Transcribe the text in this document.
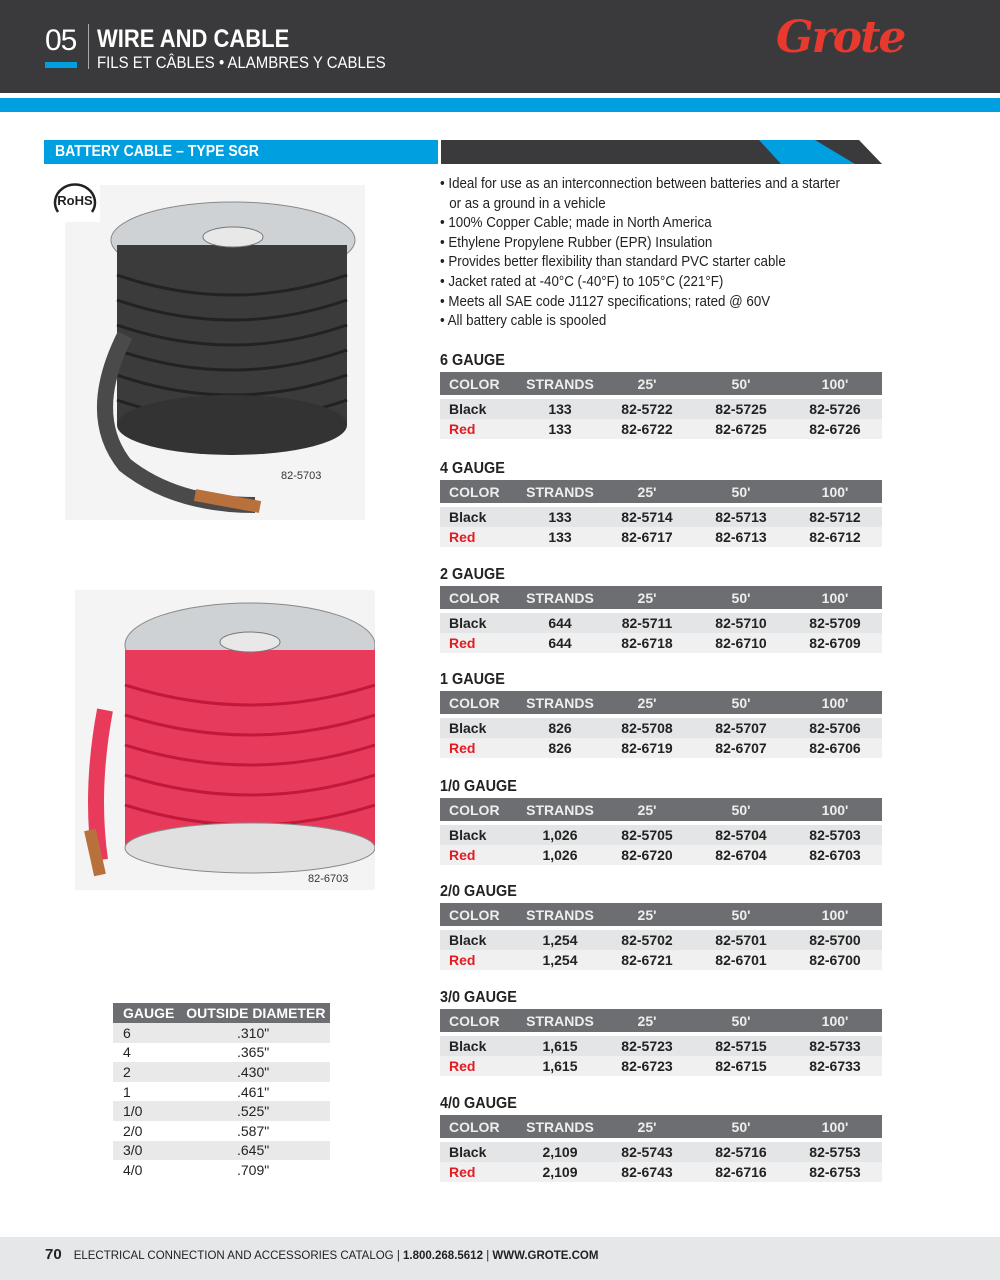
05 WIRE AND CABLE
FILS ET CÂBLES • ALAMBRES Y CABLES	Grote
BATTERY CABLE – TYPE SGR
82-5703
RoHS
82-6703
• Ideal for use as an interconnection between batteries and a starter
or as a ground in a vehicle
• 100% Copper Cable; made in North America
• Ethylene Propylene Rubber (EPR) Insulation
• Provides better flexibility than standard PVC starter cable
• Jacket rated at -40°C (-40°F) to 105°C (221°F)
• Meets all SAE code J1127 specifications; rated @ 60V
• All battery cable is spooled
6 GAUGE
COLOR	STRANDS	25'	50'	100'

Black	133	82-5722	82-5725	82-5726
Red	133	82-6722	82-6725	82-6726
4 GAUGE
COLOR	STRANDS	25'	50'	100'

Black	133	82-5714	82-5713	82-5712
Red	133	82-6717	82-6713	82-6712
2 GAUGE
COLOR	STRANDS	25'	50'	100'

Black	644	82-5711	82-5710	82-5709
Red	644	82-6718	82-6710	82-6709
1 GAUGE
COLOR	STRANDS	25'	50'	100'

Black	826	82-5708	82-5707	82-5706
Red	826	82-6719	82-6707	82-6706
1/0 GAUGE
COLOR	STRANDS	25'	50'	100'

Black	1,026	82-5705	82-5704	82-5703
Red	1,026	82-6720	82-6704	82-6703
2/0 GAUGE
COLOR	STRANDS	25'	50'	100'

Black	1,254	82-5702	82-5701	82-5700
Red	1,254	82-6721	82-6701	82-6700
3/0 GAUGE
COLOR	STRANDS	25'	50'	100'

Black	1,615	82-5723	82-5715	82-5733
Red	1,615	82-6723	82-6715	82-6733
4/0 GAUGE
COLOR	STRANDS	25'	50'	100'

Black	2,109	82-5743	82-5716	82-5753
Red	2,109	82-6743	82-6716	82-6753
GAUGE	OUTSIDE DIAMETER
6	.310"
4	.365"
2	.430"
1	.461"
1/0	.525"
2/0	.587"
3/0	.645"
4/0	.709"
70 ELECTRICAL CONNECTION AND ACCESSORIES CATALOG | 1.800.268.5612 | WWW.GROTE.COM
